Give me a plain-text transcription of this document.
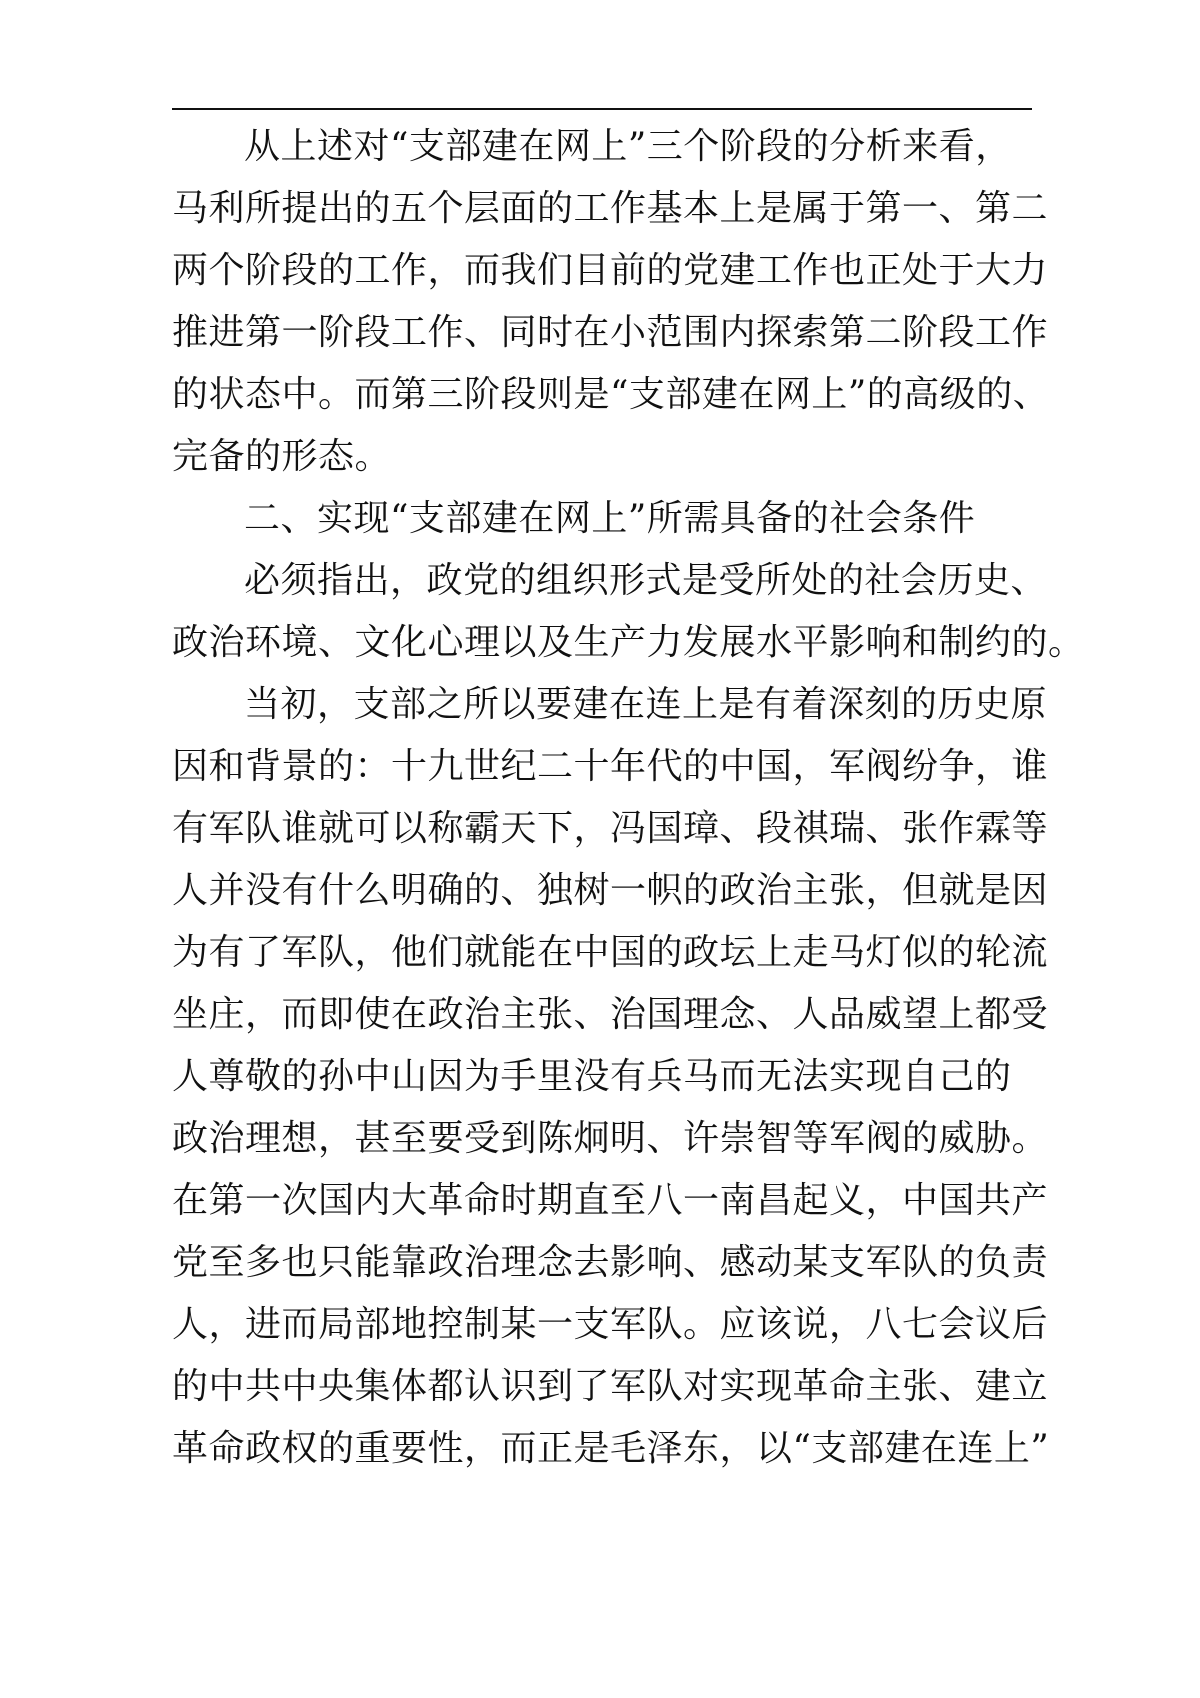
从上述对“支部建在网上”三个阶段的分析来看，
马利所提出的五个层面的工作基本上是属于第一、第二
两个阶段的工作，而我们目前的党建工作也正处于大力
推进第一阶段工作、同时在小范围内探索第二阶段工作
的状态中。而第三阶段则是“支部建在网上”的高级的、
完备的形态。
二、实现“支部建在网上”所需具备的社会条件
必须指出，政党的组织形式是受所处的社会历史、
政治环境、文化心理以及生产力发展水平影响和制约的。
当初，支部之所以要建在连上是有着深刻的历史原
因和背景的：十九世纪二十年代的中国，军阀纷争，谁
有军队谁就可以称霸天下，冯国璋、段祺瑞、张作霖等
人并没有什么明确的、独树一帜的政治主张，但就是因
为有了军队，他们就能在中国的政坛上走马灯似的轮流
坐庄，而即使在政治主张、治国理念、人品威望上都受
人尊敬的孙中山因为手里没有兵马而无法实现自己的
政治理想，甚至要受到陈炯明、许崇智等军阀的威胁。
在第一次国内大革命时期直至八一南昌起义，中国共产
党至多也只能靠政治理念去影响、感动某支军队的负责
人，进而局部地控制某一支军队。应该说，八七会议后
的中共中央集体都认识到了军队对实现革命主张、建立
革命政权的重要性，而正是毛泽东，以“支部建在连上”
